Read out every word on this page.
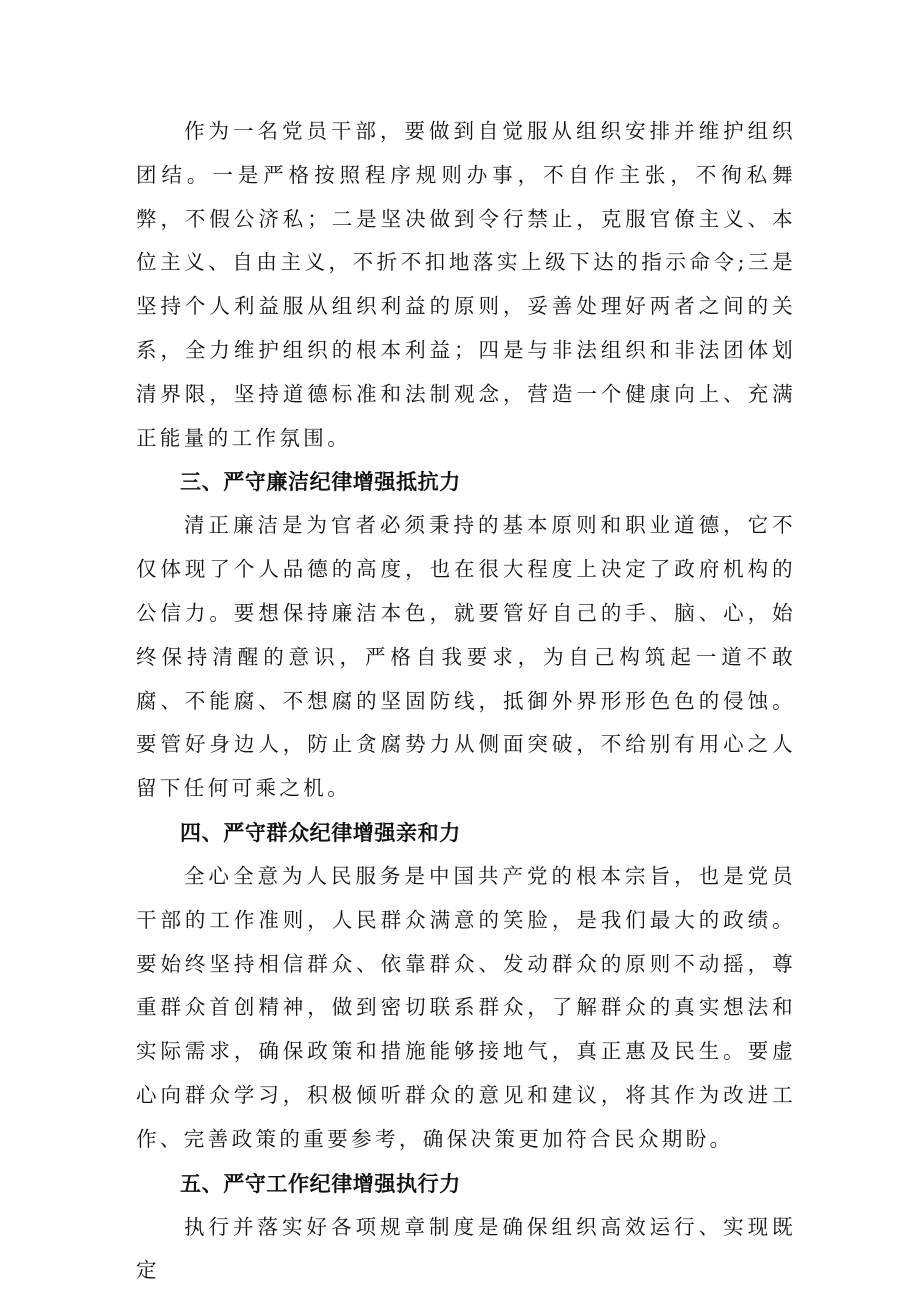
作为一名党员干部，要做到自觉服从组织安排并维护组织团结。一是严格按照程序规则办事，不自作主张，不徇私舞弊，不假公济私；二是坚决做到令行禁止，克服官僚主义、本位主义、自由主义，不折不扣地落实上级下达的指示命令;三是坚持个人利益服从组织利益的原则，妥善处理好两者之间的关系，全力维护组织的根本利益；四是与非法组织和非法团体划清界限，坚持道德标准和法制观念，营造一个健康向上、充满正能量的工作氛围。

三、严守廉洁纪律增强抵抗力

清正廉洁是为官者必须秉持的基本原则和职业道德，它不仅体现了个人品德的高度，也在很大程度上决定了政府机构的公信力。要想保持廉洁本色，就要管好自己的手、脑、心，始终保持清醒的意识，严格自我要求，为自己构筑起一道不敢腐、不能腐、不想腐的坚固防线，抵御外界形形色色的侵蚀。要管好身边人，防止贪腐势力从侧面突破，不给别有用心之人留下任何可乘之机。

四、严守群众纪律增强亲和力

全心全意为人民服务是中国共产党的根本宗旨，也是党员干部的工作准则，人民群众满意的笑脸，是我们最大的政绩。要始终坚持相信群众、依靠群众、发动群众的原则不动摇，尊重群众首创精神，做到密切联系群众，了解群众的真实想法和实际需求，确保政策和措施能够接地气，真正惠及民生。要虚心向群众学习，积极倾听群众的意见和建议，将其作为改进工作、完善政策的重要参考，确保决策更加符合民众期盼。

五、严守工作纪律增强执行力

执行并落实好各项规章制度是确保组织高效运行、实现既定
